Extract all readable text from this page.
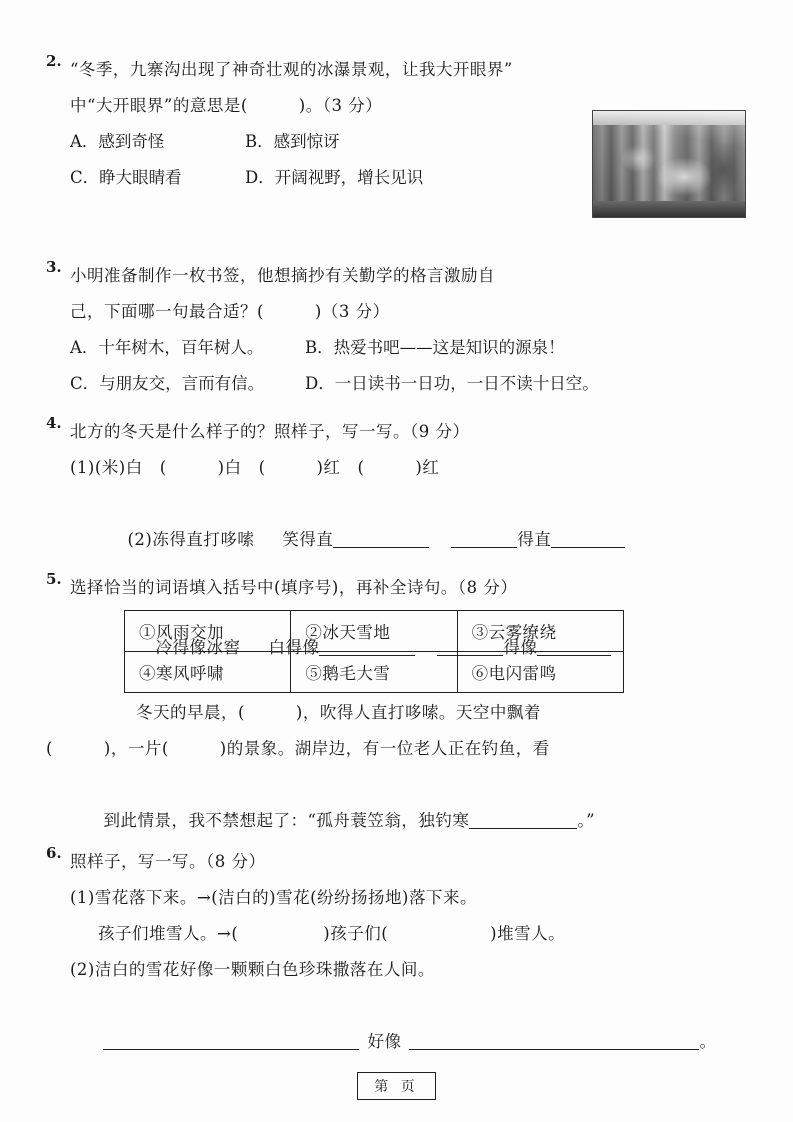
2. “冬季，九寨沟出现了神奇壮观的冰瀑景观，让我大开眼界”
中“大开眼界”的意思是(　　　)。（3 分）
A．感到奇怪	B．感到惊讶
C．睁大眼睛看	D．开阔视野，增长见识
3. 小明准备制作一枚书签，他想摘抄有关勤学的格言激励自
己，下面哪一句最合适？(　　　)（3 分）
A．十年树木，百年树人。	B．热爱书吧——这是知识的源泉！
C．与朋友交，言而有信。	D．一日读书一日功，一日不读十日空。
4. 北方的冬天是什么样子的？照样子，写一写。（9 分）
(1)(米)白　(　　　)白　(　　　)红　(　　　)红

(2)冻得直打哆嗦 笑得直	得直

冷得像冰窖 白得像	得像

5. 选择恰当的词语填入括号中(填序号)，再补全诗句。（8 分）
①风雨交加	②冰天雪地	③云雾缭绕
④寒风呼啸	⑤鹅毛大雪	⑥电闪雷鸣
冬天的早晨，(　　　)，吹得人直打哆嗦。天空中飘着
(　　　)，一片(　　　)的景象。湖岸边，有一位老人正在钓鱼，看

到此情景，我不禁想起了：“孤舟蓑笠翁，独钓寒	。”

6. 照样子，写一写。（8 分）
(1)雪花落下来。→(洁白的)雪花(纷纷扬扬地)落下来。
孩子们堆雪人。→(　　　　　)孩子们(　　　　　　)堆雪人。
(2)洁白的雪花好像一颗颗白色珍珠撒落在人间。

好像	。

第 页
